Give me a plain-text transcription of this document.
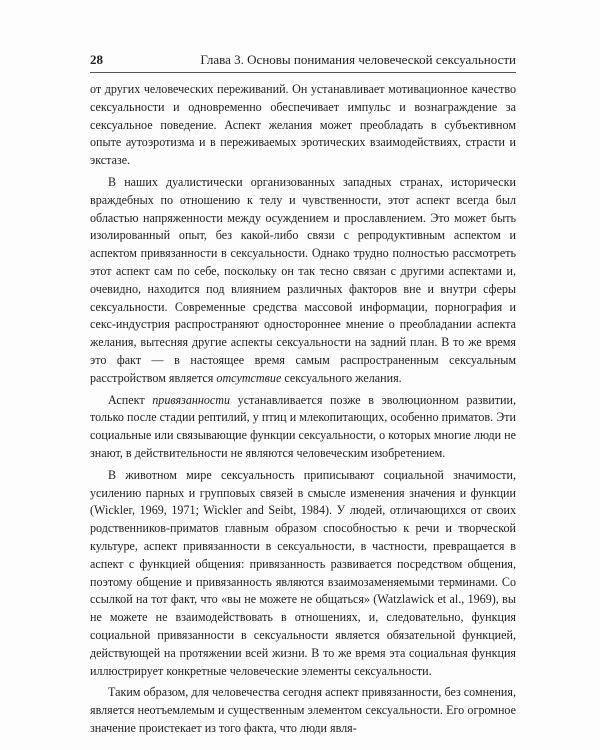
28	Глава 3. Основы понимания человеческой сексуальности

от других человеческих переживаний. Он устанавливает мотивационное качество сексуальности и одновременно обеспечивает импульс и вознаграждение за сексуальное поведение. Аспект желания может преобладать в субъективном опыте аутоэротизма и в переживаемых эротических взаимодействиях, страсти и экстазе.

В наших дуалистически организованных западных странах, исторически враждебных по отношению к телу и чувственности, этот аспект всегда был областью напряженности между осуждением и прославлением. Это может быть изолированный опыт, без какой-либо связи с репродуктивным аспектом и аспектом привязанности в сексуальности. Однако трудно полностью рассмотреть этот аспект сам по себе, поскольку он так тесно связан с другими аспектами и, очевидно, находится под влиянием различных факторов вне и внутри сферы сексуальности. Современные средства массовой информации, порнография и секс-индустрия распространяют одностороннее мнение о преобладании аспекта желания, вытесняя другие аспекты сексуальности на задний план. В то же время это факт — в настоящее время самым распространенным сексуальным расстройством является отсутствие сексуального желания.

Аспект привязанности устанавливается позже в эволюционном развитии, только после стадии рептилий, у птиц и млекопитающих, особенно приматов. Эти социальные или связывающие функции сексуальности, о которых многие люди не знают, в действительности не являются человеческим изобретением.

В животном мире сексуальность приписывают социальной значимости, усилению парных и групповых связей в смысле изменения значения и функции (Wickler, 1969, 1971; Wickler and Seibt, 1984). У людей, отличающихся от своих родственников-приматов главным образом способностью к речи и творческой культуре, аспект привязанности в сексуальности, в частности, превращается в аспект с функцией общения: привязанность развивается посредством общения, поэтому общение и привязанность являются взаимозаменяемыми терминами. Со ссылкой на тот факт, что «вы не можете не общаться» (Watzlawick et al., 1969), вы не можете не взаимодействовать в отношениях, и, следовательно, функция социальной привязанности в сексуальности является обязательной функцией, действующей на протяжении всей жизни. В то же время эта социальная функция иллюстрирует конкретные человеческие элементы сексуальности.

Таким образом, для человечества сегодня аспект привязанности, без сомнения, является неотъемлемым и существенным элементом сексуальности. Его огромное значение проистекает из того факта, что люди явля-
